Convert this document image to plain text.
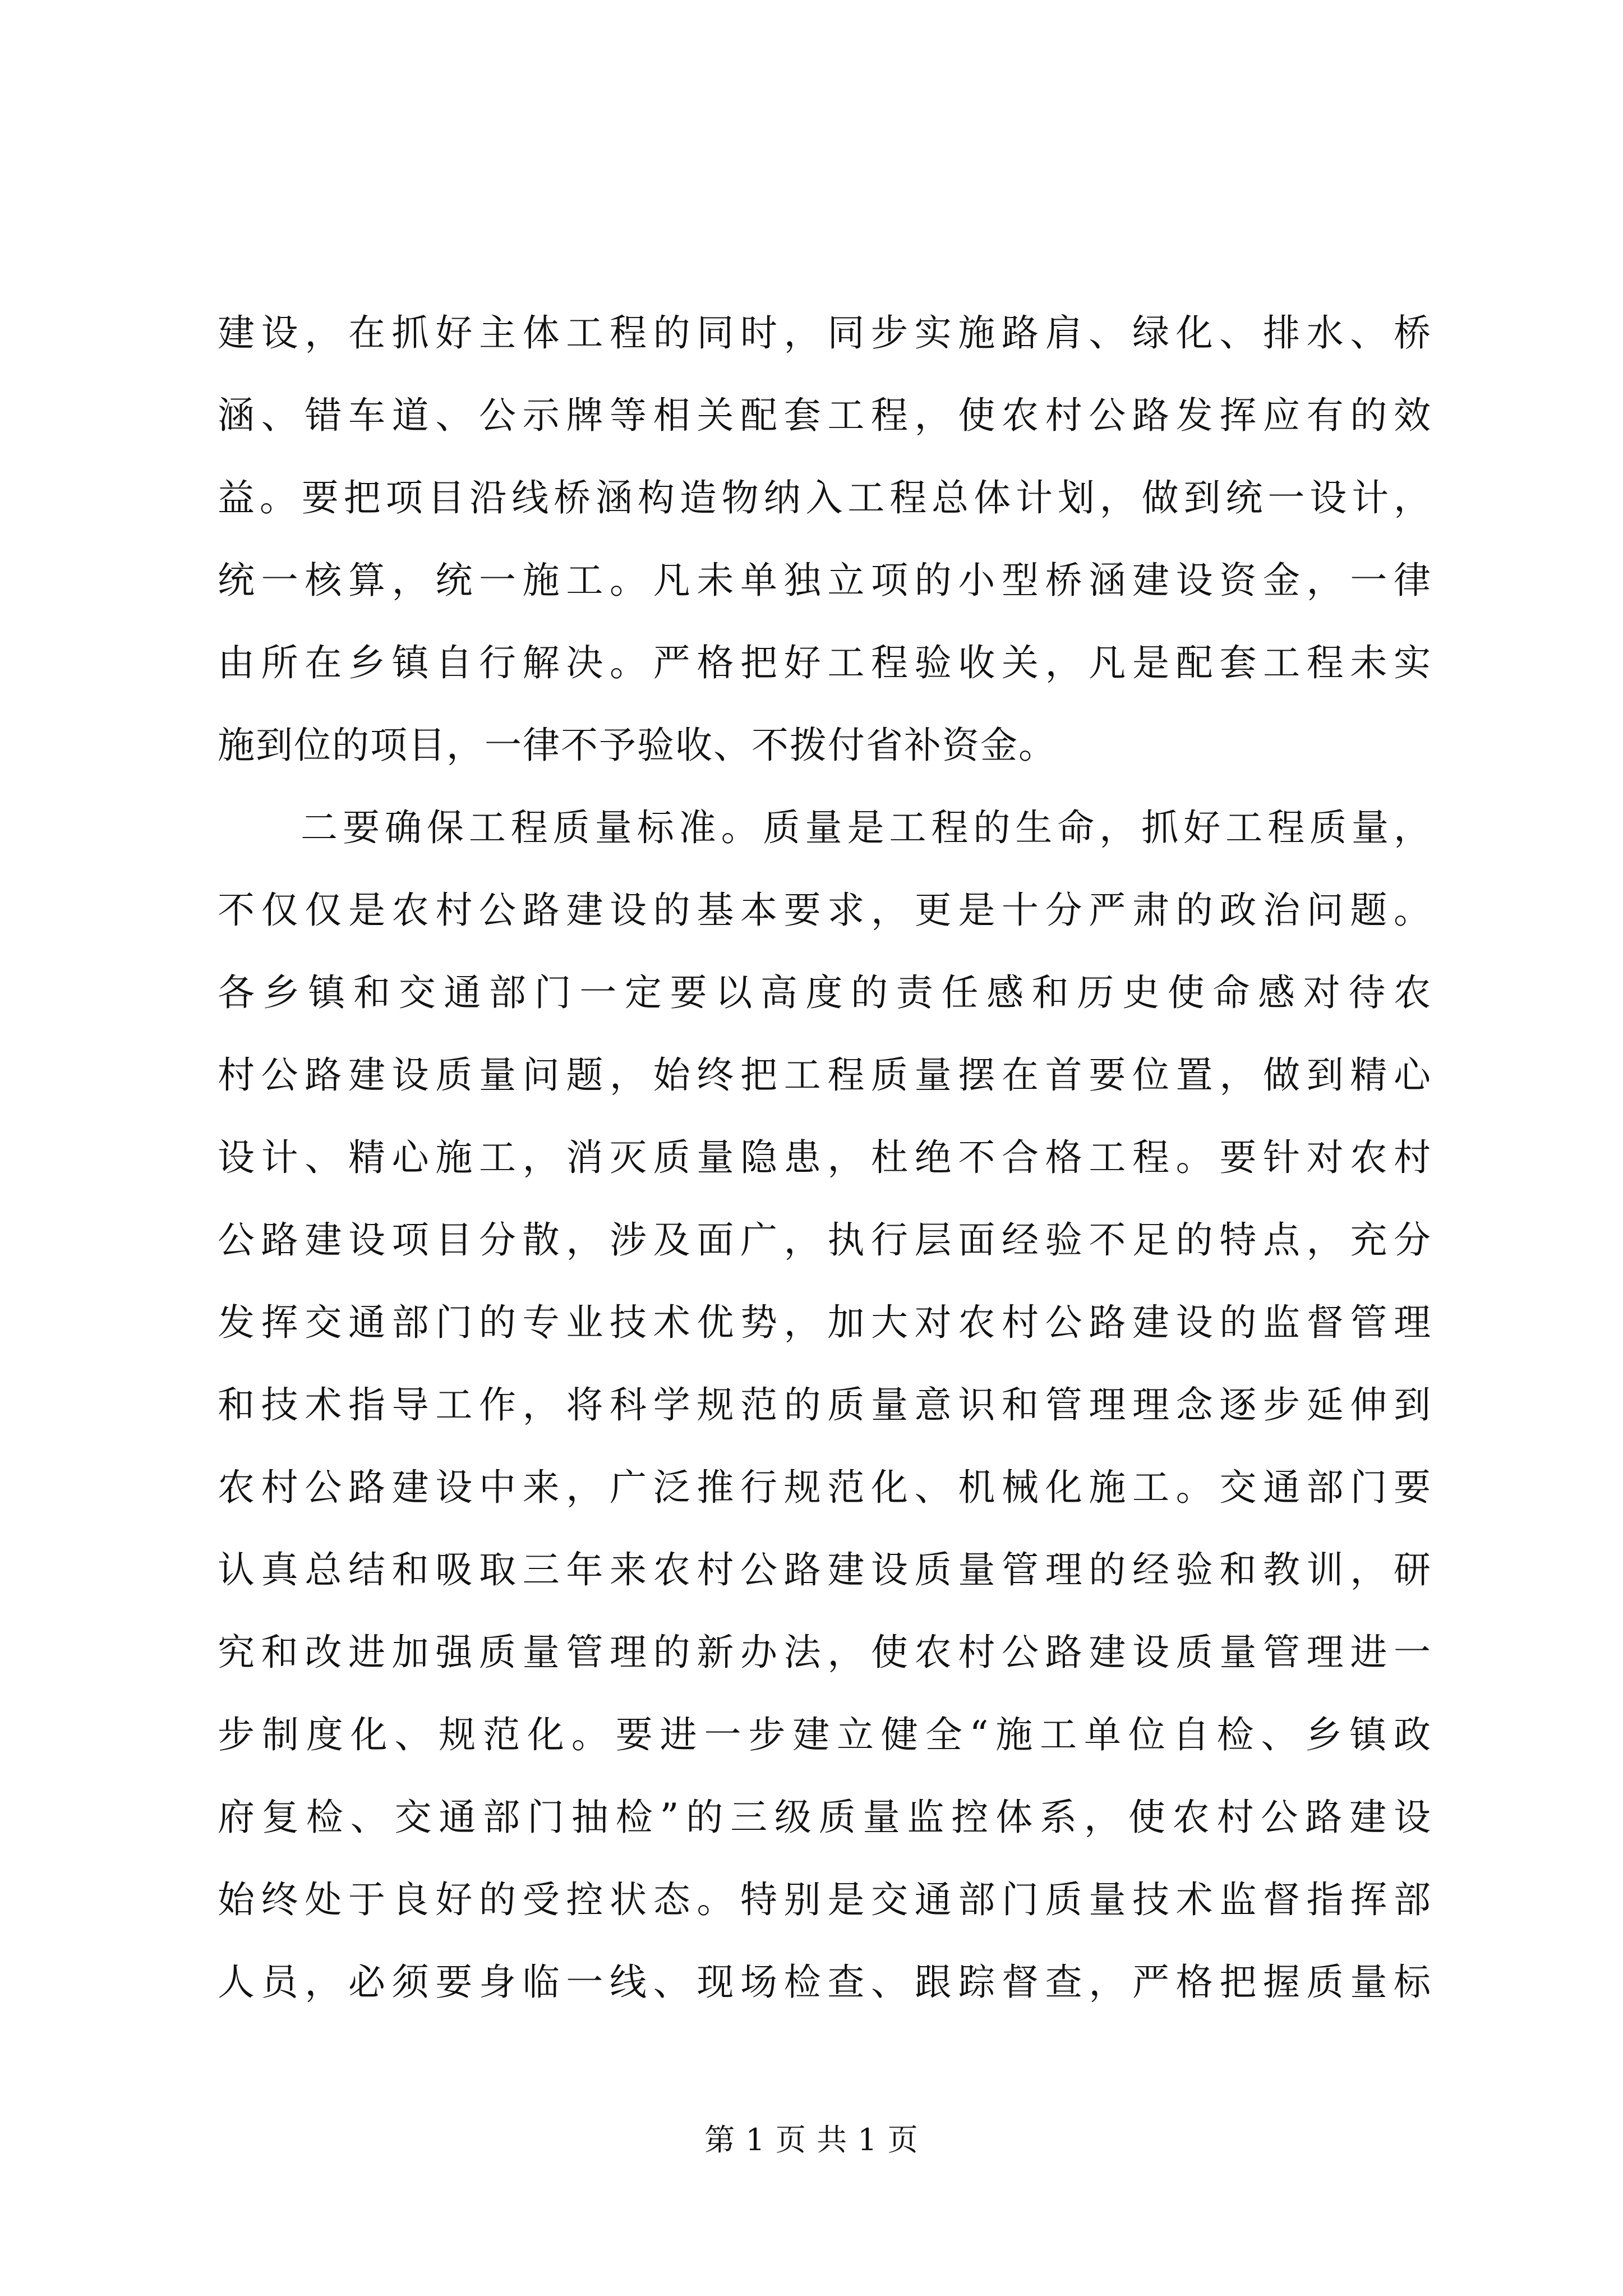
建设，在抓好主体工程的同时，同步实施路肩、绿化、排水、桥
涵、错车道、公示牌等相关配套工程，使农村公路发挥应有的效
益。要把项目沿线桥涵构造物纳入工程总体计划，做到统一设计，
统一核算，统一施工。凡未单独立项的小型桥涵建设资金，一律
由所在乡镇自行解决。严格把好工程验收关，凡是配套工程未实
施到位的项目，一律不予验收、不拨付省补资金。
二要确保工程质量标准。质量是工程的生命，抓好工程质量，
不仅仅是农村公路建设的基本要求，更是十分严肃的政治问题。
各乡镇和交通部门一定要以高度的责任感和历史使命感对待农
村公路建设质量问题，始终把工程质量摆在首要位置，做到精心
设计、精心施工，消灭质量隐患，杜绝不合格工程。要针对农村
公路建设项目分散，涉及面广，执行层面经验不足的特点，充分
发挥交通部门的专业技术优势，加大对农村公路建设的监督管理
和技术指导工作，将科学规范的质量意识和管理理念逐步延伸到
农村公路建设中来，广泛推行规范化、机械化施工。交通部门要
认真总结和吸取三年来农村公路建设质量管理的经验和教训，研
究和改进加强质量管理的新办法，使农村公路建设质量管理进一
步制度化、规范化。要进一步建立健全“施工单位自检、乡镇政
府复检、交通部门抽检”的三级质量监控体系，使农村公路建设
始终处于良好的受控状态。特别是交通部门质量技术监督指挥部
人员，必须要身临一线、现场检查、跟踪督查，严格把握质量标
第 1 页 共 1 页
